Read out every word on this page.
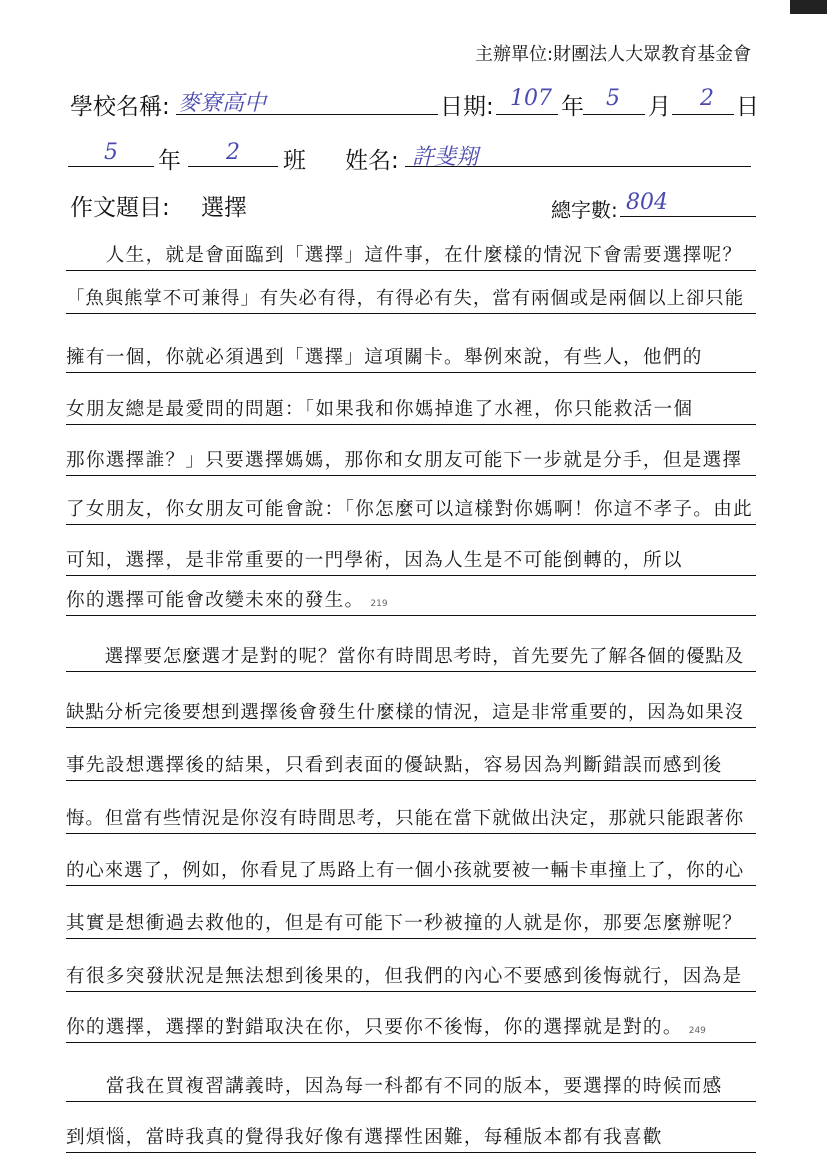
主辦單位:財團法人大眾教育基金會
學校名稱: 麥寮高中	日期: 107 年 5 月 2 日
5 年 2 班 姓名: 許斐翔
作文題目: 選擇	總字數: 804
　　人生，就是會面臨到「選擇」這件事，在什麼樣的情況下會需要選擇呢？
「魚與熊掌不可兼得」有失必有得，有得必有失，當有兩個或是兩個以上卻只能
擁有一個，你就必須遇到「選擇」這項關卡。舉例來說，有些人，他們的
女朋友總是最愛問的問題：「如果我和你媽掉進了水裡，你只能救活一個
那你選擇誰？」只要選擇媽媽，那你和女朋友可能下一步就是分手，但是選擇
了女朋友，你女朋友可能會說：「你怎麼可以這樣對你媽啊！你這不孝子。由此
可知，選擇，是非常重要的一門學術，因為人生是不可能倒轉的，所以
你的選擇可能會改變未來的發生。 219
　　選擇要怎麼選才是對的呢？當你有時間思考時，首先要先了解各個的優點及
缺點分析完後要想到選擇後會發生什麼樣的情況，這是非常重要的，因為如果沒
事先設想選擇後的結果，只看到表面的優缺點，容易因為判斷錯誤而感到後
悔。但當有些情況是你沒有時間思考，只能在當下就做出決定，那就只能跟著你
的心來選了，例如，你看見了馬路上有一個小孩就要被一輛卡車撞上了，你的心
其實是想衝過去救他的，但是有可能下一秒被撞的人就是你，那要怎麼辦呢？
有很多突發狀況是無法想到後果的，但我們的內心不要感到後悔就行，因為是
你的選擇，選擇的對錯取決在你，只要你不後悔，你的選擇就是對的。 249
　　當我在買複習講義時，因為每一科都有不同的版本，要選擇的時候而感
到煩惱，當時我真的覺得我好像有選擇性困難，每種版本都有我喜歡
